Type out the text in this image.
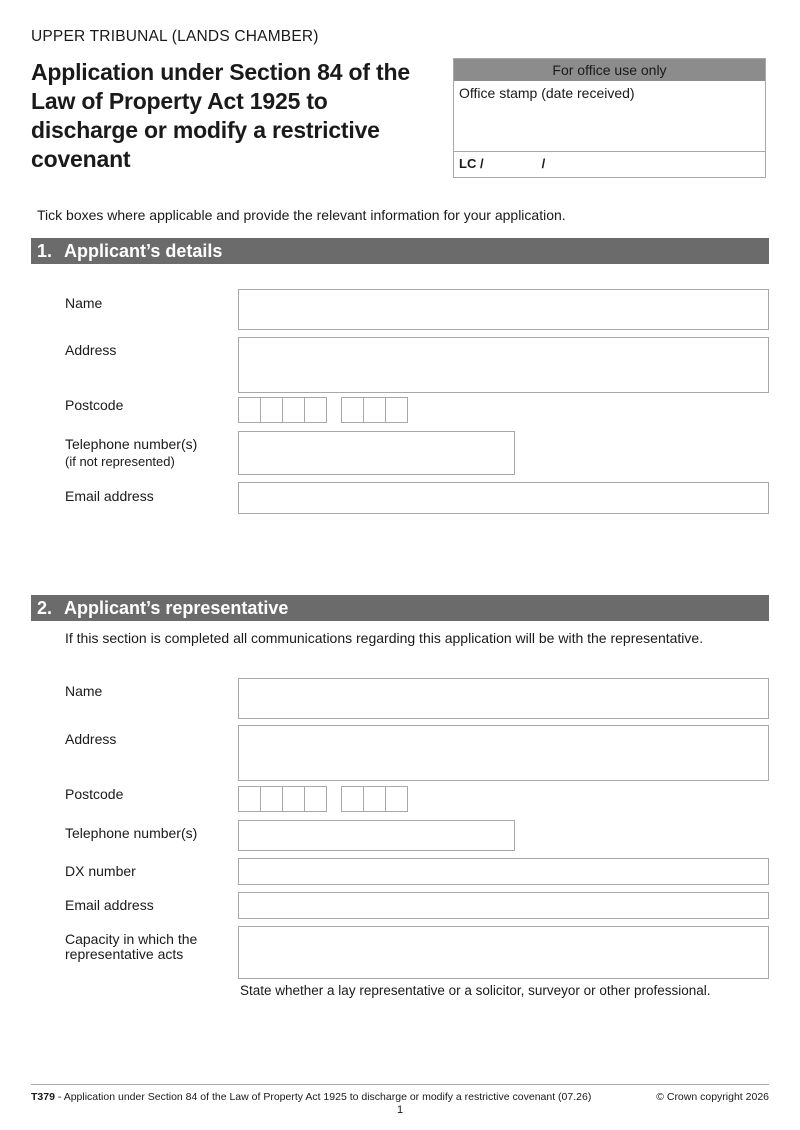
UPPER TRIBUNAL (LANDS CHAMBER)
Application under Section 84 of the Law of Property Act 1925 to discharge or modify a restrictive covenant
For office use only
Office stamp (date received)
LC /	/
Tick boxes where applicable and provide the relevant information for your application.
1. Applicant’s details
Name
Address
Postcode
Telephone number(s)
(if not represented)
Email address
2. Applicant’s representative
If this section is completed all communications regarding this application will be with the representative.
Name
Address
Postcode
Telephone number(s)
DX number
Email address
Capacity in which the
representative acts
State whether a lay representative or a solicitor, surveyor or other professional.
T379 - Application under Section 84 of the Law of Property Act 1925 to discharge or modify a restrictive covenant (07.26)	© Crown copyright 2026
1
